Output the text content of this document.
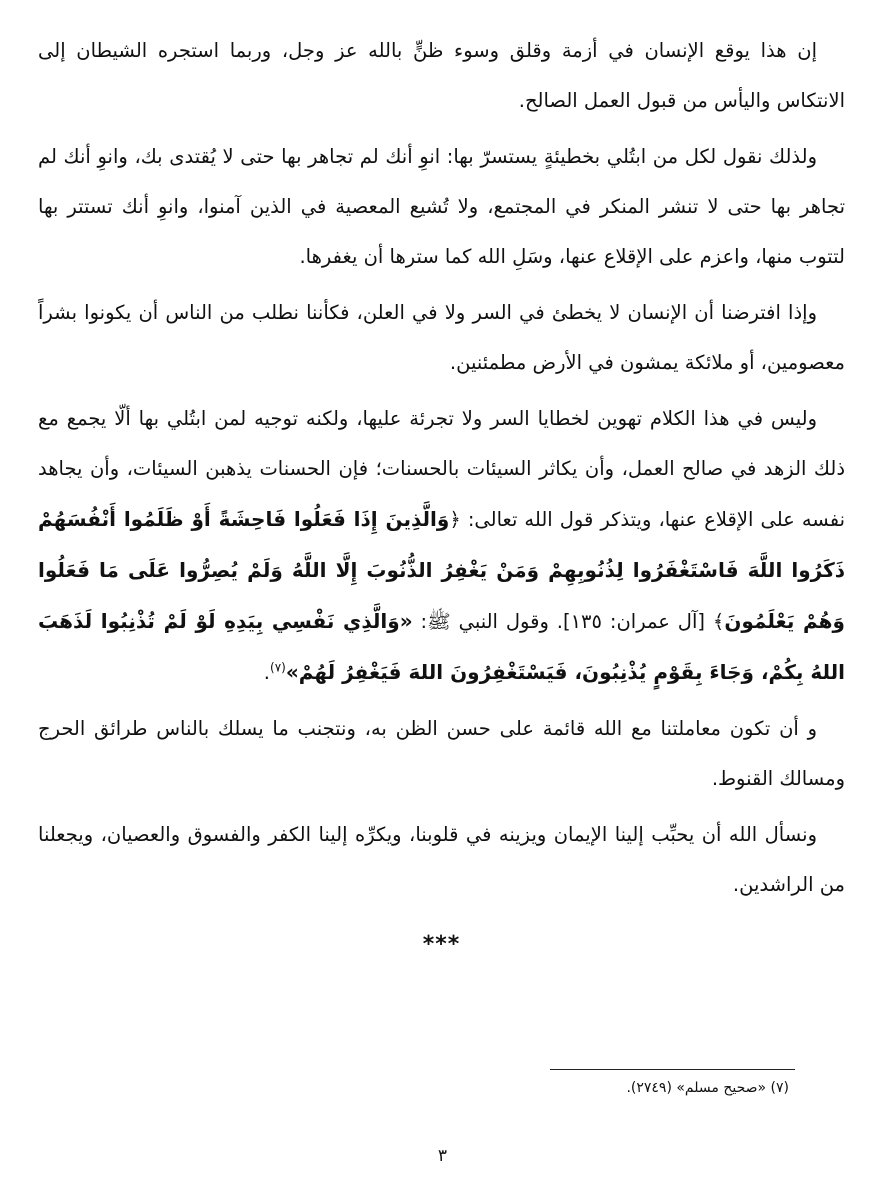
إن هذا يوقع الإنسان في أزمة وقلق وسوء ظنٍّ بالله عز وجل، وربما استجره الشيطان إلى الانتكاس واليأس من قبول العمل الصالح.

ولذلك نقول لكل من ابتُلي بخطيئةٍ يستسرّ بها: انوِ أنك لم تجاهر بها حتى لا يُقتدى بك، وانوِ أنك لم تجاهر بها حتى لا تنشر المنكر في المجتمع، ولا تُشيع المعصية في الذين آمنوا، وانوِ أنك تستتر بها لتتوب منها، واعزم على الإقلاع عنها، وسَلِ الله كما سترها أن يغفرها.

وإذا افترضنا أن الإنسان لا يخطئ في السر ولا في العلن، فكأننا نطلب من الناس أن يكونوا بشراً معصومين، أو ملائكة يمشون في الأرض مطمئنين.

وليس في هذا الكلام تهوين لخطايا السر ولا تجرئة عليها، ولكنه توجيه لمن ابتُلي بها ألّا يجمع مع ذلك الزهد في صالح العمل، وأن يكاثر السيئات بالحسنات؛ فإن الحسنات يذهبن السيئات، وأن يجاهد نفسه على الإقلاع عنها، ويتذكر قول الله تعالى: ﴿وَالَّذِينَ إِذَا فَعَلُوا فَاحِشَةً أَوْ ظَلَمُوا أَنْفُسَهُمْ ذَكَرُوا اللَّهَ فَاسْتَغْفَرُوا لِذُنُوبِهِمْ وَمَنْ يَغْفِرُ الذُّنُوبَ إِلَّا اللَّهُ وَلَمْ يُصِرُّوا عَلَى مَا فَعَلُوا وَهُمْ يَعْلَمُونَ﴾ [آل عمران: ١٣٥]. وقول النبي ﷺ: «وَالَّذِي نَفْسِي بِيَدِهِ لَوْ لَمْ تُذْنِبُوا لَذَهَبَ اللهُ بِكُمْ، وَجَاءَ بِقَوْمٍ يُذْنِبُونَ، فَيَسْتَغْفِرُونَ اللهَ فَيَغْفِرُ لَهُمْ»$^{(٧)}$.

و أن تكون معاملتنا مع الله قائمة على حسن الظن به، ونتجنب ما يسلك بالناس طرائق الحرج ومسالك القنوط.

ونسأل الله أن يحبِّب إلينا الإيمان ويزينه في قلوبنا، ويكرِّه إلينا الكفر والفسوق والعصيان، ويجعلنا من الراشدين.

***

(٧) «صحيح مسلم» (٢٧٤٩).
٣
